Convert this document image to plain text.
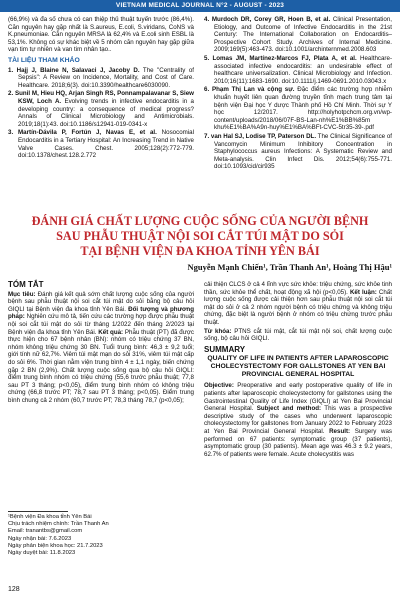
VIETNAM MEDICAL JOURNAL N°2 - AUGUST - 2023

(66,9%) và đa số chưa có can thiệp thủ thuật tuyến trước (86,4%). Căn nguyên hay gặp nhất là S.aureus, E.coli, S.viridans, CoNS và K.pneumoniae. Căn nguyên MRSA là 62,4% và E.coli sinh ESBL là 53,1%. Không có sự khác biệt về 5 nhóm căn nguyên hay gặp giữa vạn tim tự nhiên và van tim nhân tạo..

TÀI LIỆU THAM KHẢO

1. Hajj J, Blaine N, Salavaci J, Jacoby D. The "Centrality of Sepsis": A Review on Incidence, Mortality, and Cost of Care. Healthcare. 2018;6(3). doi:10.3390/healthcare6030090.

2. Sunil M, Hieu HQ, Arjan Singh RS, Ponnampalavanar S, Siew KSW, Loch A. Evolving trends in infective endocarditis in a developing country: a consequence of medical progress? Annals of Clinical Microbiology and Antimicrobials. 2019;18(1):43. doi:10.1186/s12941-019-0341-x

3. Martín-Dávila P, Fortún J, Navas E, et al. Nosocomial Endocarditis in a Tertiary Hospital: An Increasing Trend in Native Valve Cases. Chest. 2005;128(2):772-779. doi:10.1378/chest.128.2.772

4. Murdoch DR, Corey GR, Hoen B, et al. Clinical Presentation, Etiology, and Outcome of Infective Endocarditis in the 21st Century: The International Collaboration on Endocarditis–Prospective Cohort Study. Archives of Internal Medicine. 2009;169(5):463-473. doi:10.1001/archinternmed.2008.603

5. Lomas JM, Martínez-Marcos FJ, Plata A, et al. Healthcare-associated infective endocarditis: an undesirable effect of healthcare universalization. Clinical Microbiology and Infection. 2010;16(11):1683-1690. doi:10.1111/j.1469-0691.2010.03043.x

6. Phạm Thị Lan và cộng sự. Đặc điểm các trường hợp nhiễm khuẩn huyết liên quan đường truyền tĩnh mạch trung tâm tại bệnh viện Đại học Y dược Thành phố Hồ Chí Minh. Thời sự Y học 12/2017. http://holyhotpchcm.org.vn/wp-content/uploads/2018/06/07F-BS-Lan-nh%E1%BB%85m khu%E1%BA%A9n-huy%E1%BA%BFt-CVC-5tr35-39-.pdf

7. van Hal SJ, Lodise TP, Paterson DL. The Clinical Significance of Vancomycin Minimum Inhibitory Concentration in Staphylococcus aureus Infections: A Systematic Review and Meta-analysis. Clin Infect Dis. 2012;54(6):755-771. doi:10.1093/cid/cir935

ĐÁNH GIÁ CHẤT LƯỢNG CUỘC SỐNG CỦA NGƯỜI BỆNH
SAU PHẪU THUẬT NỘI SOI CẮT TÚI MẬT DO SỎI
TẠI BỆNH VIỆN ĐA KHOA TỈNH YÊN BÁI
Nguyễn Mạnh Chiến¹, Trần Thanh An¹, Hoàng Thị Hậu¹
TÓM TẮT

Mục tiêu: Đánh giá kết quả sớm chất lượng cuộc sống của người bệnh sau phẫu thuật nội soi cắt túi mật do sỏi bằng bộ câu hỏi GIQLI tại Bệnh viện đa khoa tỉnh Yên Bái. Đối tượng và phương pháp: Nghiên cứu mô tả, tiến cứu các trường hợp được phẫu thuật nội soi cắt túi mật do sỏi từ tháng 1/2022 đến tháng 2/2023 tại Bệnh viện đa khoa tỉnh Yên Bái. Kết quả: Phẫu thuật (PT) đã được thực hiện cho 67 bệnh nhân (BN): nhóm có triệu chứng 37 BN, nhóm không triệu chứng 30 BN. Tuổi trung bình: 46,3 ± 9,2 tuổi; giới tính nữ 62,7%. Viêm túi mật mạn do sỏi 31%, viêm túi mật cấp do sỏi 6%. Thời gian nằm viện trung bình 4 ± 1,1 ngày, biến chứng gặp 2 BN (2,9%). Chất lượng cuộc sống qua bộ câu hỏi GIQLI: điểm trung bình nhóm có triệu chứng (55,6 trước phẫu thuật; 77,8 sau PT 3 tháng; p<0,05), điểm trung bình nhóm có không triệu chứng (66,8 trước PT; 78,7 sau PT 3 tháng; p<0,05). Điểm trung bình chung cả 2 nhóm (60,7 trước PT; 78,3 tháng 78,7 (p<0,05);

¹Bệnh viện Đa khoa tỉnh Yên Bái
Chịu trách nhiệm chính: Trần Thanh An
Email: tranantbs@gmail.com
Ngày nhận bài: 7.6.2023
Ngày phản biện khoa học: 21.7.2023
Ngày duyệt bài: 11.8.2023

cải thiện CLCS ở cả 4 lĩnh vực sức khỏe: triệu chứng, sức khỏe tinh thần, sức khỏe thể chất, hoạt động xã hội (p<0,05). Kết luận: Chất lượng cuộc sống được cải thiện hơn sau phẫu thuật nội soi cắt túi mật do sỏi ở cả 2 nhóm người bệnh có triệu chứng và không triệu chứng, đặc biệt là người bệnh ở nhóm có triệu chứng trước phẫu thuật.

Từ khóa: PTNS cắt túi mật, cắt túi mật nội soi, chất lượng cuộc sống, bộ câu hỏi GIQLI.

SUMMARY
QUALITY OF LIFE IN PATIENTS AFTER LAPAROSCOPIC CHOLECYSTECTOMY FOR GALLSTONES AT YEN BAI PROVINCIAL GENERAL HOSPITAL

Objective: Preoperative and early postoperative quality of life in patients after laparoscopic cholecystectomy for gallstones using the Gastrointestinal Quality of Life Index (GIQLI) at Yen Bai Provincial General Hospital. Subject and method: This was a prospective descriptive study of the cases who underwent laparoscopic cholecystectomy for gallstones from January 2022 to February 2023 at Yen Bai Provincial General Hospital. Result: Surgery was performed on 67 patients: symptomatic group (37 patients), asymptomatic group (30 patients). Mean age was 46.3 ± 9.2 years, 62.7% of patients were female. Acute cholecystitis was

128
